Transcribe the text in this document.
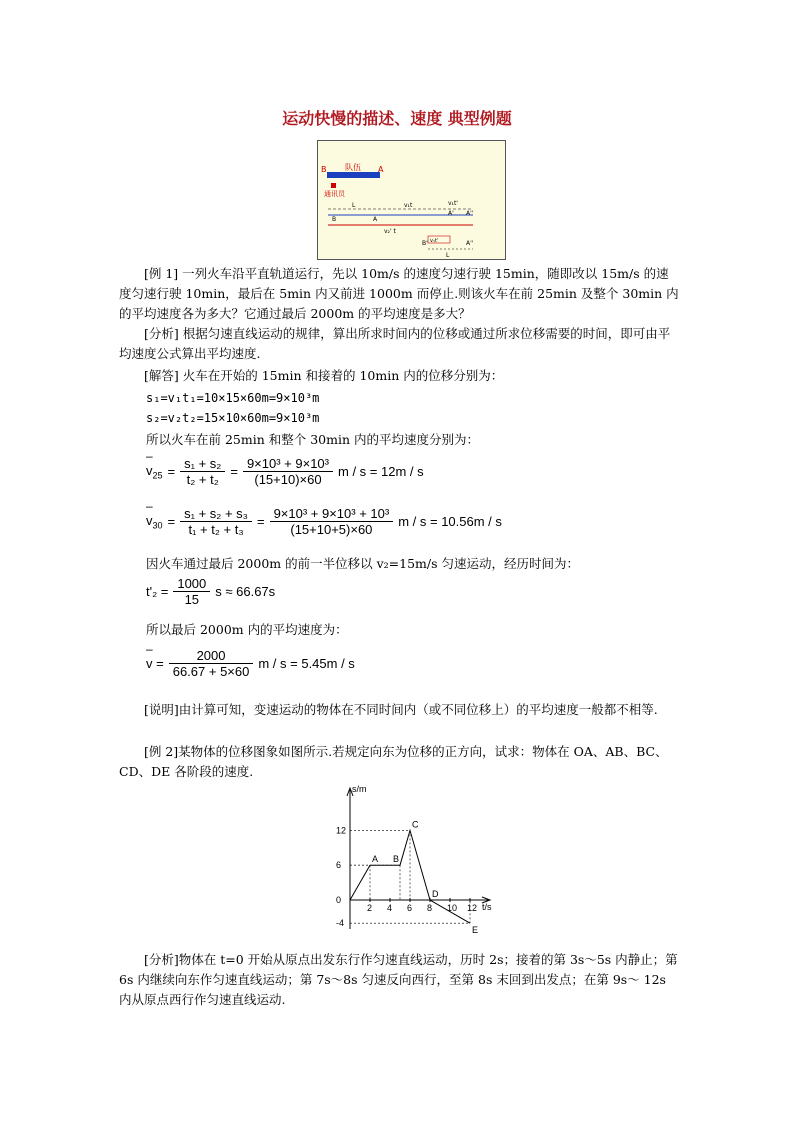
运动快慢的描述、速度 典型例题
B 队伍 A
通讯员
B	A
v₁t
L	v₁t'
A' A''
v₂' t
v₁t'
B'	A''
L
[例 1] 一列火车沿平直轨道运行，先以 10m/s 的速度匀速行驶 15min，随即改以 15m/s 的速度匀速行驶 10min，最后在 5min 内又前进 1000m 而停止.则该火车在前 25min 及整个 30min 内的平均速度各为多大？它通过最后 2000m 的平均速度是多大？
[分析] 根据匀速直线运动的规律，算出所求时间内的位移或通过所求位移需要的时间，即可由平均速度公式算出平均速度.
[解答] 火车在开始的 15min 和接着的 10min 内的位移分别为：
s₁=v₁t₁=10×15×60m=9×10³m
s₂=v₂t₂=15×10×60m=9×10³m
所以火车在前 25min 和整个 30min 内的平均速度分别为：
– $v_{25} = \frac{\text{s₁ + s₂}}{\text{t₂ + t₂}} = \frac{\text{9×10³ + 9×10³}}{(15+10)\times 60}$ m / s = 12m / s
– $v_{30} = \frac{\text{s₁ + s₂ + s₃}}{\text{t₁ + t₂ + t₃}} = \frac{\text{9×10³ + 9×10³ + 10³}}{(15+10+5)\times 60}$ m / s = 10.56m / s
因火车通过最后 2000m 的前一半位移以 v₂=15m/s 匀速运动，经历时间为：
$t'_2 = \frac{1000}{15}$ s ≈ 66.67s
所以最后 2000m 内的平均速度为：
– $v = \frac{2000}{66.67 + 5\times 60}$ m / s = 5.45m / s
[说明]由计算可知，变速运动的物体在不同时间内（或不同位移上）的平均速度一般都不相等.
[例 2]某物体的位移图象如图所示.若规定向东为位移的正方向，试求：物体在 OA、AB、BC、CD、DE 各阶段的速度.
s/m
t/s
2 4 6 8 10 12
12
6
0
-4
A B
C
D
E
[分析]物体在 t=0 开始从原点出发东行作匀速直线运动，历时 2s；接着的第 3s～5s 内静止；第 6s 内继续向东作匀速直线运动；第 7s～8s 匀速反向西行，至第 8s 末回到出发点；在第 9s～ 12s 内从原点西行作匀速直线运动.
